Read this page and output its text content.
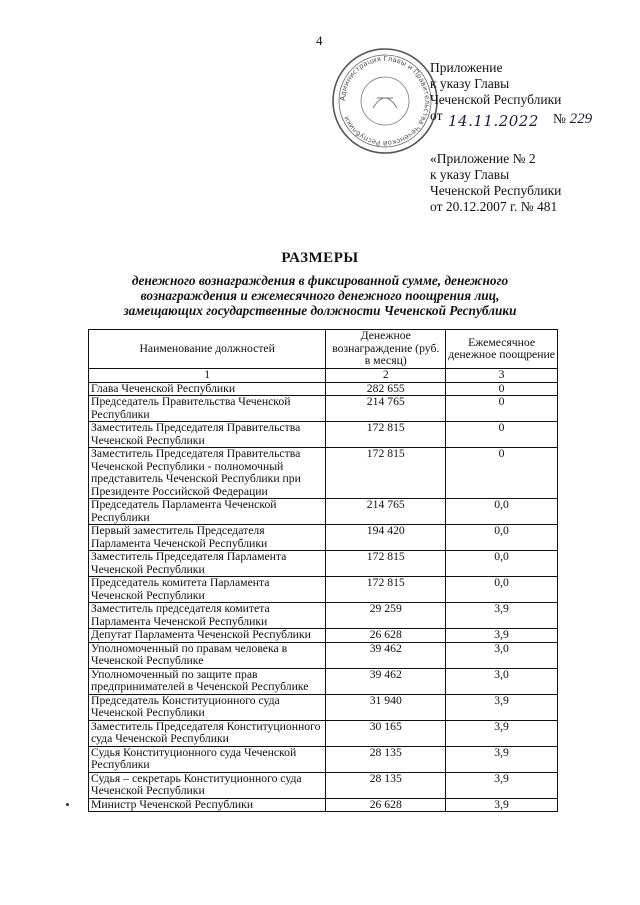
4
Администрация Главы и Правительства Чеченской Республики
Приложение
к указу Главы
Чеченской Республики
от 14.11.2022 № 229
«Приложение № 2
к указу Главы
Чеченской Республики
от 20.12.2007 г. № 481
РАЗМЕРЫ
денежного вознаграждения в фиксированной сумме, денежного
вознаграждения и ежемесячного денежного поощрения лиц,
замещающих государственные должности Чеченской Республики
Наименование должностей	Денежное вознаграждение (руб. в месяц)	Ежемесячное денежное поощрение
1	2	3
Глава Чеченской Республики	282 655	0
Председатель Правительства Чеченской Республики	214 765	0
Заместитель Председателя Правительства Чеченской Республики	172 815	0
Заместитель Председателя Правительства Чеченской Республики - полномочный представитель Чеченской Республики при Президенте Российской Федерации	172 815	0
Председатель Парламента Чеченской Республики	214 765	0,0
Первый заместитель Председателя Парламента Чеченской Республики	194 420	0,0
Заместитель Председателя Парламента Чеченской Республики	172 815	0,0
Председатель комитета Парламента Чеченской Республики	172 815	0,0
Заместитель председателя комитета Парламента Чеченской Республики	29 259	3,9
Депутат Парламента Чеченской Республики	26 628	3,9
Уполномоченный по правам человека в Чеченской Республике	39 462	3,0
Уполномоченный по защите прав предпринимателей в Чеченской Республике	39 462	3,0
Председатель Конституционного суда Чеченской Республики	31 940	3,9
Заместитель Председателя Конституционного суда Чеченской Республики	30 165	3,9
Судья Конституционного суда Чеченской Республики	28 135	3,9
Судья – секретарь Конституционного суда Чеченской Республики	28 135	3,9
Министр Чеченской Республики	26 628	3,9
